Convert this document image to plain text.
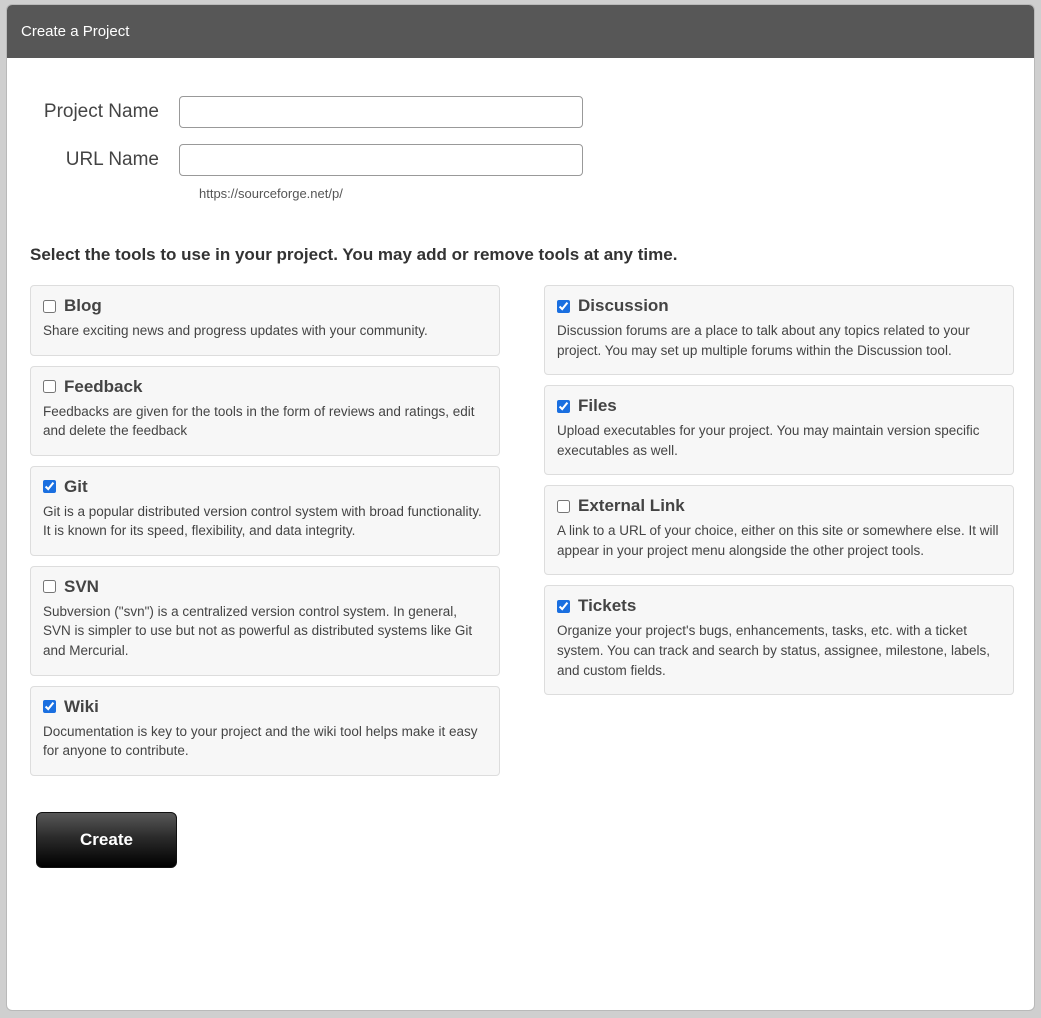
Create a Project
Project Name
URL Name
https://sourceforge.net/p/
Select the tools to use in your project. You may add or remove tools at any time.
Blog
Share exciting news and progress updates with your community.
Feedback
Feedbacks are given for the tools in the form of reviews and ratings, edit and delete the feedback
Git
Git is a popular distributed version control system with broad functionality. It is known for its speed, flexibility, and data integrity.
SVN
Subversion ("svn") is a centralized version control system. In general, SVN is simpler to use but not as powerful as distributed systems like Git and Mercurial.
Wiki
Documentation is key to your project and the wiki tool helps make it easy for anyone to contribute.
Discussion
Discussion forums are a place to talk about any topics related to your project. You may set up multiple forums within the Discussion tool.
Files
Upload executables for your project. You may maintain version specific executables as well.
External Link
A link to a URL of your choice, either on this site or somewhere else. It will appear in your project menu alongside the other project tools.
Tickets
Organize your project's bugs, enhancements, tasks, etc. with a ticket system. You can track and search by status, assignee, milestone, labels, and custom fields.
Create
